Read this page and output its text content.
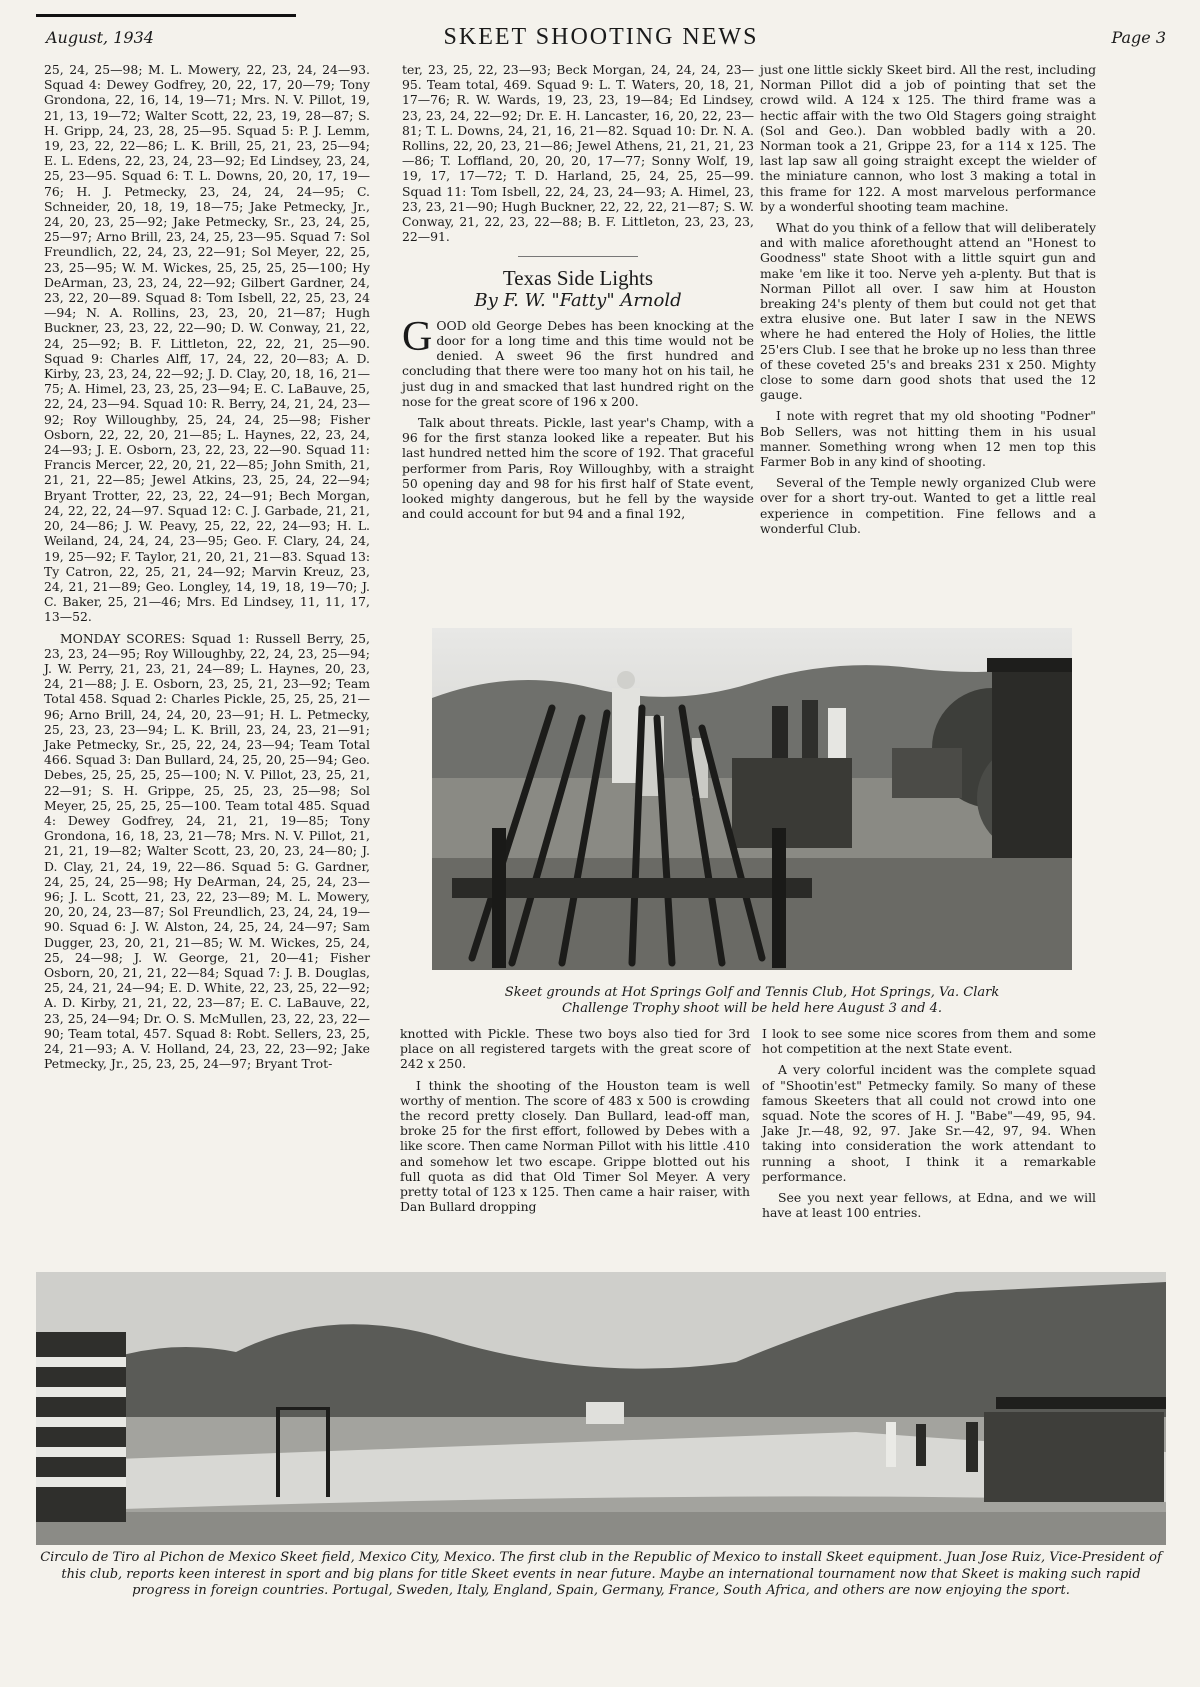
August, 1934	SKEET SHOOTING NEWS	Page 3

25, 24, 25—98; M. L. Mowery, 22, 23, 24, 24—93. Squad 4: Dewey Godfrey, 20, 22, 17, 20—79; Tony Grondona, 22, 16, 14, 19—71; Mrs. N. V. Pillot, 19, 21, 13, 19—72; Walter Scott, 22, 23, 19, 28—87; S. H. Gripp, 24, 23, 28, 25—95. Squad 5: P. J. Lemm, 19, 23, 22, 22—86; L. K. Brill, 25, 21, 23, 25—94; E. L. Edens, 22, 23, 24, 23—92; Ed Lindsey, 23, 24, 25, 23—95. Squad 6: T. L. Downs, 20, 20, 17, 19—76; H. J. Petmecky, 23, 24, 24, 24—95; C. Schneider, 20, 18, 19, 18—75; Jake Petmecky, Jr., 24, 20, 23, 25—92; Jake Petmecky, Sr., 23, 24, 25, 25—97; Arno Brill, 23, 24, 25, 23—95. Squad 7: Sol Freundlich, 22, 24, 23, 22—91; Sol Meyer, 22, 25, 23, 25—95; W. M. Wickes, 25, 25, 25, 25—100; Hy DeArman, 23, 23, 24, 22—92; Gilbert Gardner, 24, 23, 22, 20—89. Squad 8: Tom Isbell, 22, 25, 23, 24—94; N. A. Rollins, 23, 23, 20, 21—87; Hugh Buckner, 23, 23, 22, 22—90; D. W. Conway, 21, 22, 24, 25—92; B. F. Littleton, 22, 22, 21, 25—90. Squad 9: Charles Alff, 17, 24, 22, 20—83; A. D. Kirby, 23, 23, 24, 22—92; J. D. Clay, 20, 18, 16, 21—75; A. Himel, 23, 23, 25, 23—94; E. C. LaBauve, 25, 22, 24, 23—94. Squad 10: R. Berry, 24, 21, 24, 23—92; Roy Willoughby, 25, 24, 24, 25—98; Fisher Osborn, 22, 22, 20, 21—85; L. Haynes, 22, 23, 24, 24—93; J. E. Osborn, 23, 22, 23, 22—90. Squad 11: Francis Mercer, 22, 20, 21, 22—85; John Smith, 21, 21, 21, 22—85; Jewel Atkins, 23, 25, 24, 22—94; Bryant Trotter, 22, 23, 22, 24—91; Bech Morgan, 24, 22, 22, 24—97. Squad 12: C. J. Garbade, 21, 21, 20, 24—86; J. W. Peavy, 25, 22, 22, 24—93; H. L. Weiland, 24, 24, 24, 23—95; Geo. F. Clary, 24, 24, 19, 25—92; F. Taylor, 21, 20, 21, 21—83. Squad 13: Ty Catron, 22, 25, 21, 24—92; Marvin Kreuz, 23, 24, 21, 21—89; Geo. Longley, 14, 19, 18, 19—70; J. C. Baker, 25, 21—46; Mrs. Ed Lindsey, 11, 11, 17, 13—52.

MONDAY SCORES: Squad 1: Russell Berry, 25, 23, 23, 24—95; Roy Willoughby, 22, 24, 23, 25—94; J. W. Perry, 21, 23, 21, 24—89; L. Haynes, 20, 23, 24, 21—88; J. E. Osborn, 23, 25, 21, 23—92; Team Total 458. Squad 2: Charles Pickle, 25, 25, 25, 21—96; Arno Brill, 24, 24, 20, 23—91; H. L. Petmecky, 25, 23, 23, 23—94; L. K. Brill, 23, 24, 23, 21—91; Jake Petmecky, Sr., 25, 22, 24, 23—94; Team Total 466. Squad 3: Dan Bullard, 24, 25, 20, 25—94; Geo. Debes, 25, 25, 25, 25—100; N. V. Pillot, 23, 25, 21, 22—91; S. H. Grippe, 25, 25, 23, 25—98; Sol Meyer, 25, 25, 25, 25—100. Team total 485. Squad 4: Dewey Godfrey, 24, 21, 21, 19—85; Tony Grondona, 16, 18, 23, 21—78; Mrs. N. V. Pillot, 21, 21, 21, 19—82; Walter Scott, 23, 20, 23, 24—80; J. D. Clay, 21, 24, 19, 22—86. Squad 5: G. Gardner, 24, 25, 24, 25—98; Hy DeArman, 24, 25, 24, 23—96; J. L. Scott, 21, 23, 22, 23—89; M. L. Mowery, 20, 20, 24, 23—87; Sol Freundlich, 23, 24, 24, 19—90. Squad 6: J. W. Alston, 24, 25, 24, 24—97; Sam Dugger, 23, 20, 21, 21—85; W. M. Wickes, 25, 24, 25, 24—98; J. W. George, 21, 20—41; Fisher Osborn, 20, 21, 21, 22—84; Squad 7: J. B. Douglas, 25, 24, 21, 24—94; E. D. White, 22, 23, 25, 22—92; A. D. Kirby, 21, 21, 22, 23—87; E. C. LaBauve, 22, 23, 25, 24—94; Dr. O. S. McMullen, 23, 22, 23, 22—90; Team total, 457. Squad 8: Robt. Sellers, 23, 25, 24, 21—93; A. V. Holland, 24, 23, 22, 23—92; Jake Petmecky, Jr., 25, 23, 25, 24—97; Bryant Trot-

ter, 23, 25, 22, 23—93; Beck Morgan, 24, 24, 24, 23—95. Team total, 469. Squad 9: L. T. Waters, 20, 18, 21, 17—76; R. W. Wards, 19, 23, 23, 19—84; Ed Lindsey, 23, 23, 24, 22—92; Dr. E. H. Lancaster, 16, 20, 22, 23—81; T. L. Downs, 24, 21, 16, 21—82. Squad 10: Dr. N. A. Rollins, 22, 20, 23, 21—86; Jewel Athens, 21, 21, 21, 23—86; T. Loffland, 20, 20, 20, 17—77; Sonny Wolf, 19, 19, 17, 17—72; T. D. Harland, 25, 24, 25, 25—99. Squad 11: Tom Isbell, 22, 24, 23, 24—93; A. Himel, 23, 23, 23, 21—90; Hugh Buckner, 22, 22, 22, 21—87; S. W. Conway, 21, 22, 23, 22—88; B. F. Littleton, 23, 23, 23, 22—91.

Texas Side Lights
By F. W. "Fatty" Arnold

GOOD old George Debes has been knocking at the door for a long time and this time would not be denied. A sweet 96 the first hundred and concluding that there were too many hot on his tail, he just dug in and smacked that last hundred right on the nose for the great score of 196 x 200.

Talk about threats. Pickle, last year's Champ, with a 96 for the first stanza looked like a repeater. But his last hundred netted him the score of 192. That graceful performer from Paris, Roy Willoughby, with a straight 50 opening day and 98 for his first half of State event, looked mighty dangerous, but he fell by the wayside and could account for but 94 and a final 192,

just one little sickly Skeet bird. All the rest, including Norman Pillot did a job of pointing that set the crowd wild. A 124 x 125. The third frame was a hectic affair with the two Old Stagers going straight (Sol and Geo.). Dan wobbled badly with a 20. Norman took a 21, Grippe 23, for a 114 x 125. The last lap saw all going straight except the wielder of the miniature cannon, who lost 3 making a total in this frame for 122. A most marvelous performance by a wonderful shooting team machine.

What do you think of a fellow that will deliberately and with malice aforethought attend an "Honest to Goodness" state Shoot with a little squirt gun and make 'em like it too. Nerve yeh a-plenty. But that is Norman Pillot all over. I saw him at Houston breaking 24's plenty of them but could not get that extra elusive one. But later I saw in the NEWS where he had entered the Holy of Holies, the little 25'ers Club. I see that he broke up no less than three of these coveted 25's and breaks 231 x 250. Mighty close to some darn good shots that used the 12 gauge.

I note with regret that my old shooting "Podner" Bob Sellers, was not hitting them in his usual manner. Something wrong when 12 men top this Farmer Bob in any kind of shooting.

Several of the Temple newly organized Club were over for a short try-out. Wanted to get a little real experience in competition. Fine fellows and a wonderful Club.

Skeet grounds at Hot Springs Golf and Tennis Club, Hot Springs, Va. Clark
Challenge Trophy shoot will be held here August 3 and 4.

knotted with Pickle. These two boys also tied for 3rd place on all registered targets with the great score of 242 x 250.

I think the shooting of the Houston team is well worthy of mention. The score of 483 x 500 is crowding the record pretty closely. Dan Bullard, lead-off man, broke 25 for the first effort, followed by Debes with a like score. Then came Norman Pillot with his little .410 and somehow let two escape. Grippe blotted out his full quota as did that Old Timer Sol Meyer. A very pretty total of 123 x 125. Then came a hair raiser, with Dan Bullard dropping

I look to see some nice scores from them and some hot competition at the next State event.

A very colorful incident was the complete squad of "Shootin'est" Petmecky family. So many of these famous Skeeters that all could not crowd into one squad. Note the scores of H. J. "Babe"—49, 95, 94. Jake Jr.—48, 92, 97. Jake Sr.—42, 97, 94. When taking into consideration the work attendant to running a shoot, I think it a remarkable performance.

See you next year fellows, at Edna, and we will have at least 100 entries.

Circulo de Tiro al Pichon de Mexico Skeet field, Mexico City, Mexico. The first club in the Republic of Mexico to install Skeet equipment. Juan Jose Ruiz, Vice-President of this club, reports keen interest in sport and big plans for title Skeet events in near future. Maybe an international tournament now that Skeet is making such rapid progress in foreign countries. Portugal, Sweden, Italy, England, Spain, Germany, France, South Africa, and others are now enjoying the sport.
